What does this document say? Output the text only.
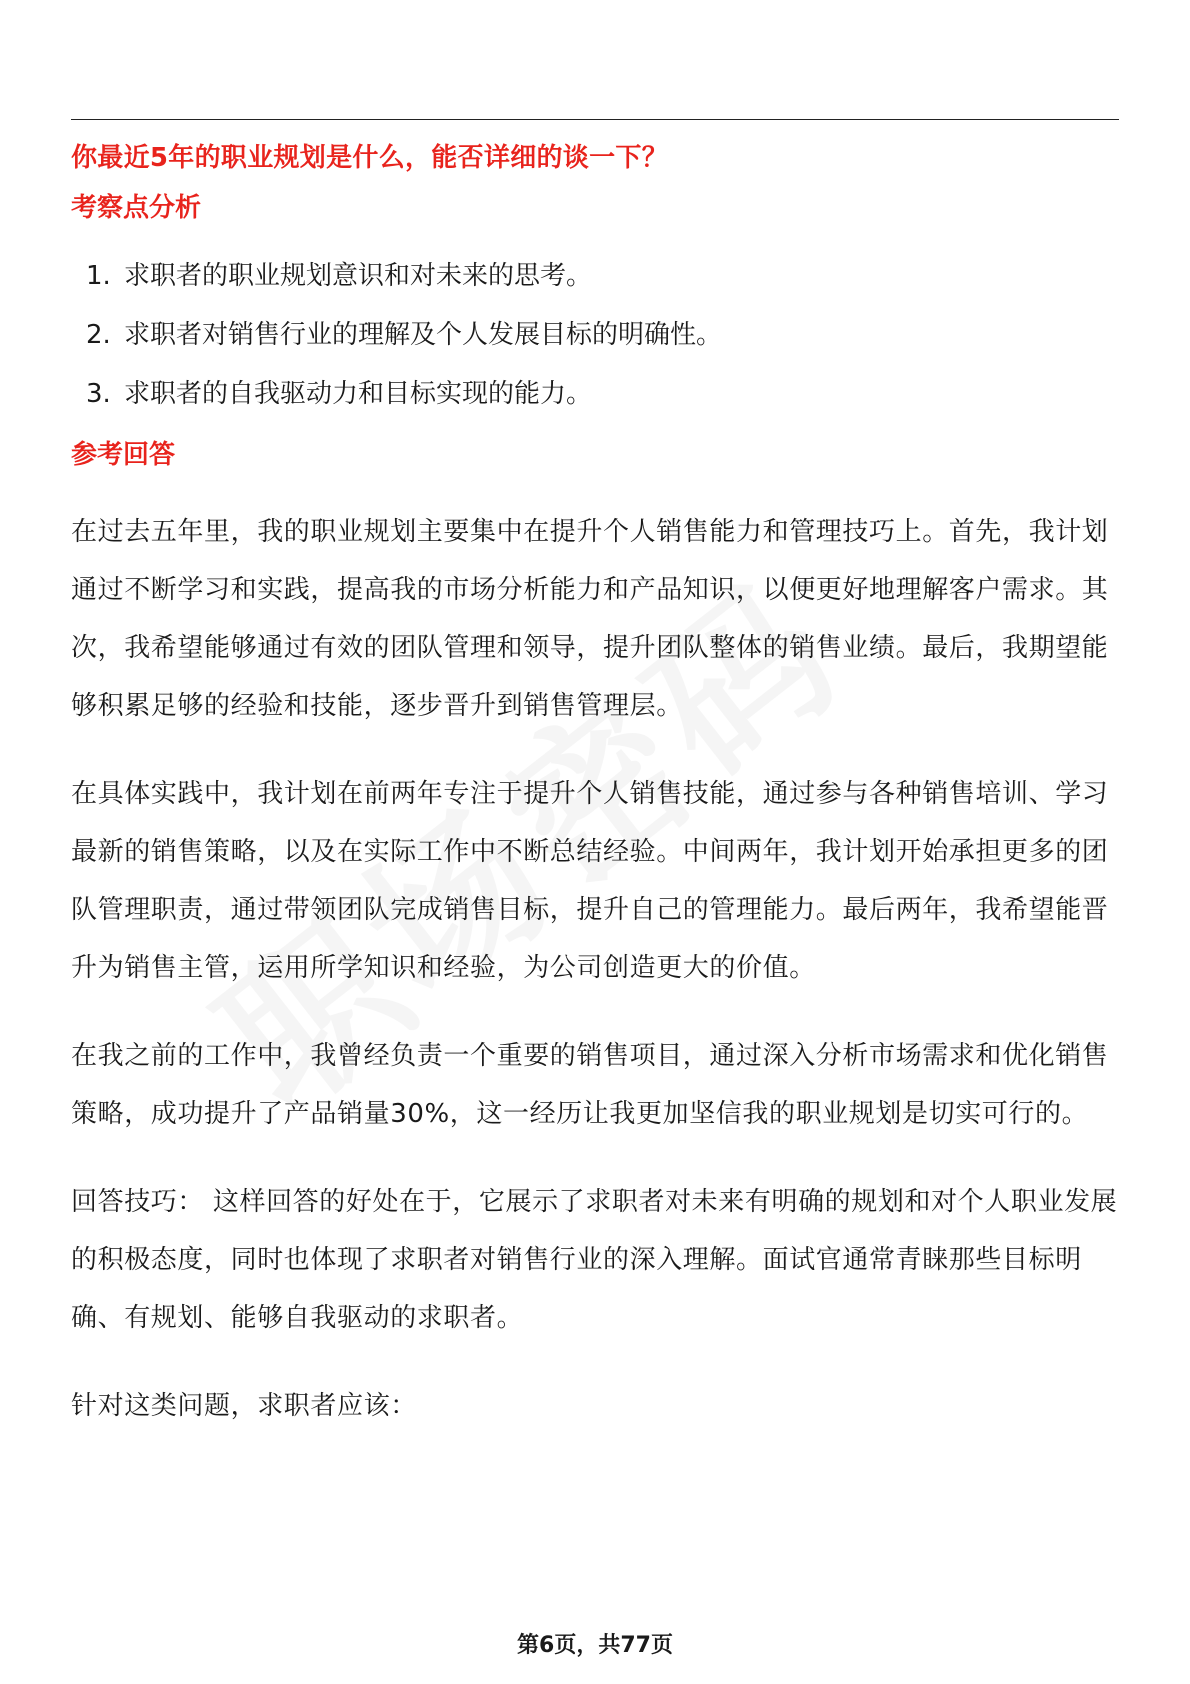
你最近5年的职业规划是什么，能否详细的谈一下？

考察点分析

1. 求职者的职业规划意识和对未来的思考。
2. 求职者对销售行业的理解及个人发展目标的明确性。
3. 求职者的自我驱动力和目标实现的能力。

参考回答

在过去五年里，我的职业规划主要集中在提升个人销售能力和管理技巧上。首先，我计划通过不断学习和实践，提高我的市场分析能力和产品知识，以便更好地理解客户需求。其次，我希望能够通过有效的团队管理和领导，提升团队整体的销售业绩。最后，我期望能够积累足够的经验和技能，逐步晋升到销售管理层。

在具体实践中，我计划在前两年专注于提升个人销售技能，通过参与各种销售培训、学习最新的销售策略，以及在实际工作中不断总结经验。中间两年，我计划开始承担更多的团队管理职责，通过带领团队完成销售目标，提升自己的管理能力。最后两年，我希望能晋升为销售主管，运用所学知识和经验，为公司创造更大的价值。

在我之前的工作中，我曾经负责一个重要的销售项目，通过深入分析市场需求和优化销售策略，成功提升了产品销量30%，这一经历让我更加坚信我的职业规划是切实可行的。

回答技巧： 这样回答的好处在于，它展示了求职者对未来有明确的规划和对个人职业发展的积极态度，同时也体现了求职者对销售行业的深入理解。面试官通常青睐那些目标明确、有规划、能够自我驱动的求职者。

针对这类问题，求职者应该：

第6页，共77页
